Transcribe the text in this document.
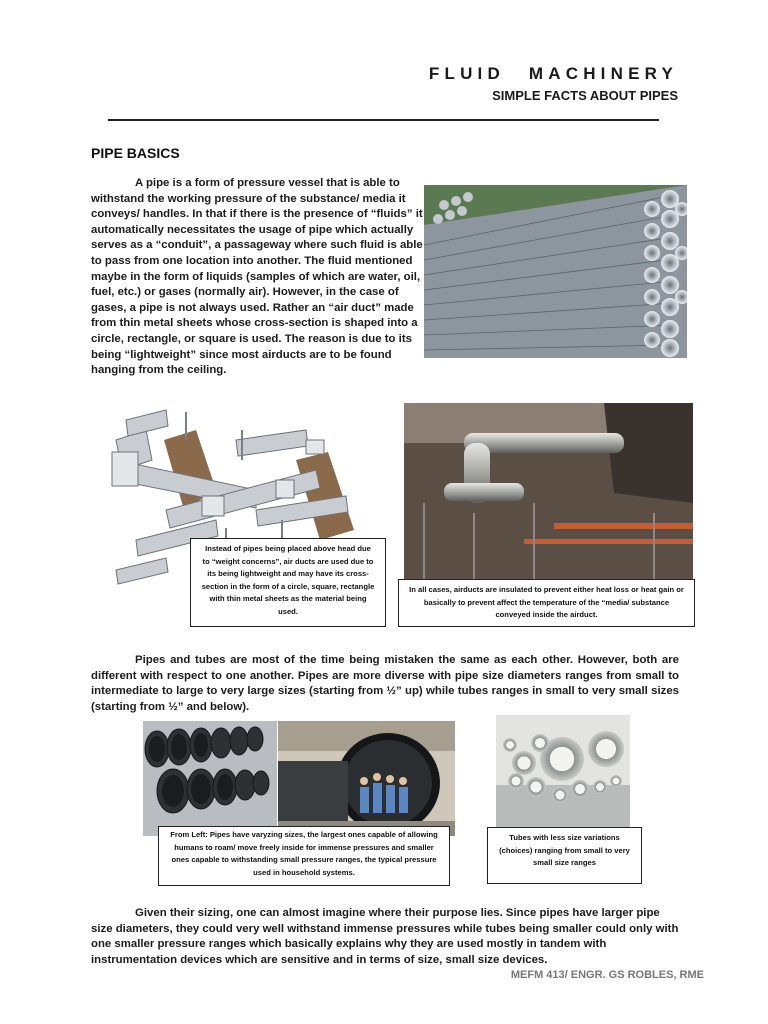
FLUID MACHINERY
SIMPLE FACTS ABOUT PIPES
PIPE BASICS
A pipe is a form of pressure vessel that is able to withstand the working pressure of the substance/ media it conveys/ handles. In that if there is the presence of “fluids” it automatically necessitates the usage of pipe which actually serves as a “conduit”, a passageway where such fluid is able to pass from one location into another. The fluid mentioned maybe in the form of liquids (samples of which are water, oil, fuel, etc.) or gases (normally air). However, in the case of gases, a pipe is not always used. Rather an “air duct” made from thin metal sheets whose cross-section is shaped into a circle, rectangle, or square is used. The reason is due to its being “lightweight” since most airducts are to be found hanging from the ceiling.
Instead of pipes being placed above head due to “weight concerns”, air ducts are used due to its being lightweight and may have its cross-section in the form of a circle, square, rectangle with thin metal sheets as the material being used.
In all cases, airducts are insulated to prevent either heat loss or heat gain or basically to prevent affect the temperature of the “media/ substance conveyed inside the airduct.
Pipes and tubes are most of the time being mistaken the same as each other. However, both are different with respect to one another. Pipes are more diverse with pipe size diameters ranges from small to intermediate to large to very large sizes (starting from ½” up) while tubes ranges in small to very small sizes (starting from ½” and below).
From Left: Pipes have varyzing sizes, the largest ones capable of allowing humans to roam/ move freely inside for immense pressures and smaller ones capable to withstanding small pressure ranges, the typical pressure used in household systems.
Tubes with less size variations (choices) ranging from small to very small size ranges
Given their sizing, one can almost imagine where their purpose lies. Since pipes have larger pipe size diameters, they could very well withstand immense pressures while tubes being smaller could only with one smaller pressure ranges which basically explains why they are used mostly in tandem with instrumentation devices which are sensitive and in terms of size, small size devices.
MEFM 413/ ENGR. GS ROBLES, RME
